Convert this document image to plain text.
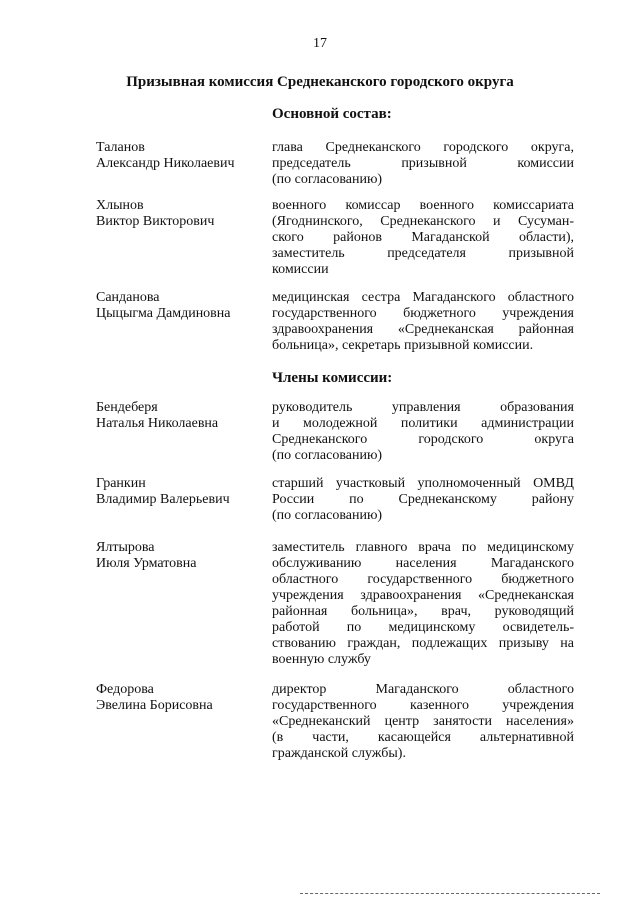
17
Призывная комиссия Среднеканского городского округа
Основной состав:
Таланов
Александр Николаевич
глава Среднеканского городского округа,
председатель призывной комиссии
(по согласованию)
Хлынов
Виктор Викторович
военного комиссар военного комиссариата
(Ягоднинского, Среднеканского и Сусуман-
ского районов Магаданской области),
заместитель председателя призывной
комиссии
Санданова
Цыцыгма Дамдиновна
медицинская сестра Магаданского областного
государственного бюджетного учреждения
здравоохранения «Среднеканская районная
больница», секретарь призывной комиссии.
Члены комиссии:
Бендеберя
Наталья Николаевна
руководитель управления образования
и молодежной политики администрации
Среднеканского городского округа
(по согласованию)
Гранкин
Владимир Валерьевич
старший участковый уполномоченный ОМВД
России по Среднеканскому району
(по согласованию)
Ялтырова
Июля Урматовна
заместитель главного врача по медицинскому
обслуживанию населения Магаданского
областного государственного бюджетного
учреждения здравоохранения «Среднеканская
районная больница», врач, руководящий
работой по медицинскому освидетель-
ствованию граждан, подлежащих призыву на
военную службу
Федорова
Эвелина Борисовна
директор Магаданского областного
государственного казенного учреждения
«Среднеканский центр занятости населения»
(в части, касающейся альтернативной
гражданской службы).
